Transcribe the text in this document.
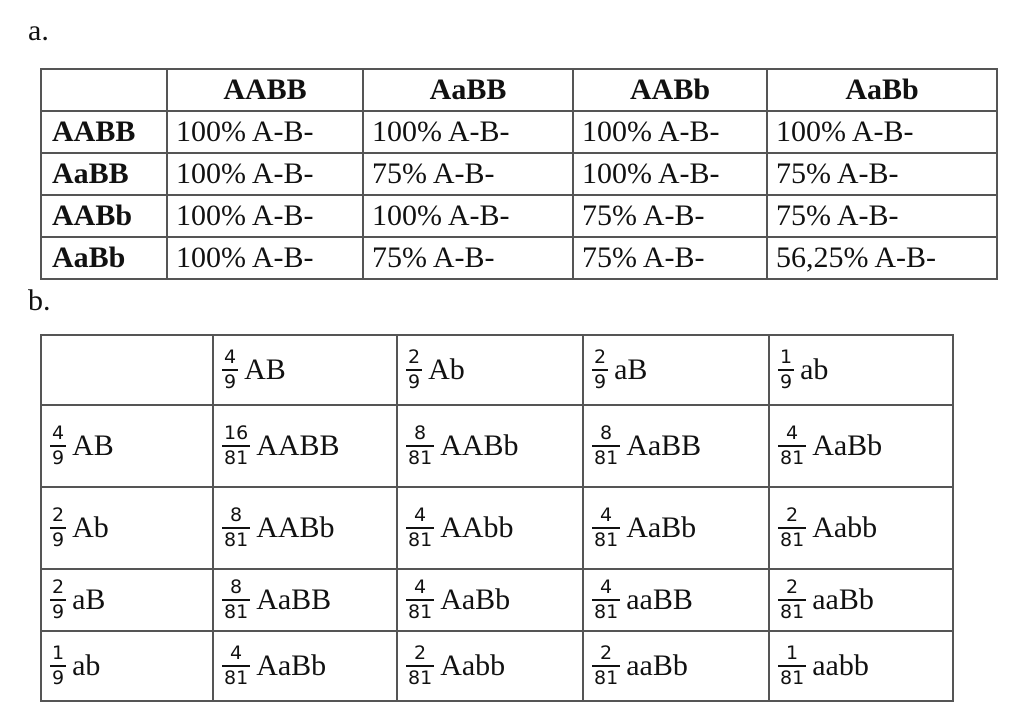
a.
	AABB	AaBB	AABb	AaBb
AABB	100% A-B-	100% A-B-	100% A-B-	100% A-B-
AaBB	100% A-B-	75% A-B-	100% A-B-	75% A-B-
AABb	100% A-B-	100% A-B-	75% A-B-	75% A-B-
AaBb	100% A-B-	75% A-B-	75% A-B-	56,25% A-B-
b.

	$\frac{4}{9}$ AB	$\frac{2}{9}$ Ab	$\frac{2}{9}$ aB	$\frac{1}{9}$ ab

$\frac{4}{9}$ AB	$\frac{16}{81}$ AABB	$\frac{8}{81}$ AABb	$\frac{8}{81}$ AaBB	$\frac{4}{81}$ AaBb

$\frac{2}{9}$ Ab	$\frac{8}{81}$ AABb	$\frac{4}{81}$ AAbb	$\frac{4}{81}$ AaBb	$\frac{2}{81}$ Aabb

$\frac{2}{9}$ aB	$\frac{8}{81}$ AaBB	$\frac{4}{81}$ AaBb	$\frac{4}{81}$ aaBB	$\frac{2}{81}$ aaBb

$\frac{1}{9}$ ab	$\frac{4}{81}$ AaBb	$\frac{2}{81}$ Aabb	$\frac{2}{81}$ aaBb	$\frac{1}{81}$ aabb
